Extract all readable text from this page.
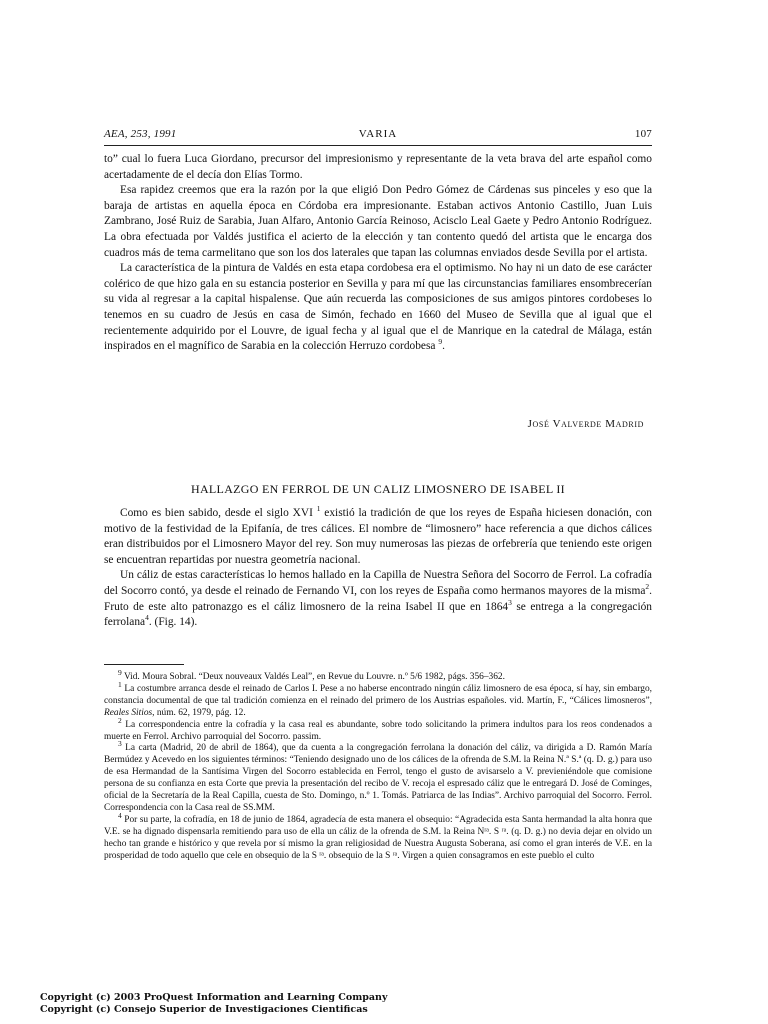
AEA, 253, 1991	VARIA	107

to” cual lo fuera Luca Giordano, precursor del impresionismo y representante de la veta brava del arte español como acertadamente de el decía don Elías Tormo.

Esa rapidez creemos que era la razón por la que eligió Don Pedro Gómez de Cárdenas sus pinceles y eso que la baraja de artistas en aquella época en Córdoba era impresionante. Estaban activos Antonio Castillo, Juan Luis Zambrano, José Ruiz de Sarabia, Juan Alfaro, Antonio García Reinoso, Acisclo Leal Gaete y Pedro Antonio Rodríguez. La obra efectuada por Valdés justifica el acierto de la elección y tan contento quedó del artista que le encarga dos cuadros más de tema carmelitano que son los dos laterales que tapan las columnas enviados desde Sevilla por el artista.

La característica de la pintura de Valdés en esta etapa cordobesa era el optimismo. No hay ni un dato de ese carácter colérico de que hizo gala en su estancia posterior en Sevilla y para mí que las circunstancias familiares ensombrecerían su vida al regresar a la capital hispalense. Que aún recuerda las composiciones de sus amigos pintores cordobeses lo tenemos en su cuadro de Jesús en casa de Simón, fechado en 1660 del Museo de Sevilla que al igual que el recientemente adquirido por el Louvre, de igual fecha y al igual que el de Manrique en la catedral de Málaga, están inspirados en el magnífico de Sarabia en la colección Herruzo cordobesa $^9$.

José Valverde Madrid
HALLAZGO EN FERROL DE UN CALIZ LIMOSNERO DE ISABEL II

Como es bien sabido, desde el siglo XVI $^1$ existió la tradición de que los reyes de España hiciesen donación, con motivo de la festividad de la Epifanía, de tres cálices. El nombre de “limosnero” hace referencia a que dichos cálices eran distribuidos por el Limosnero Mayor del rey. Son muy numerosas las piezas de orfebrería que teniendo este origen se encuentran repartidas por nuestra geometría nacional.

Un cáliz de estas características lo hemos hallado en la Capilla de Nuestra Señora del Socorro de Ferrol. La cofradía del Socorro contó, ya desde el reinado de Fernando VI, con los reyes de España como hermanos mayores de la misma$^2$. Fruto de este alto patronazgo es el cáliz limosnero de la reina Isabel II que en 1864$^3$ se entrega a la congregación ferrolana$^4$. (Fig. 14).

$^9$ Vid. Moura Sobral. “Deux nouveaux Valdés Leal”, en Revue du Louvre. n.º 5/6 1982, págs. 356–362.

$^1$ La costumbre arranca desde el reinado de Carlos I. Pese a no haberse encontrado ningún cáliz limosnero de esa época, sí hay, sin embargo, constancia documental de que tal tradición comienza en el reinado del primero de los Austrias españoles. vid. Martín, F., “Cálices limosneros”, Reales Sitios, núm. 62, 1979, pág. 12.

$^2$ La correspondencia entre la cofradía y la casa real es abundante, sobre todo solicitando la primera indultos para los reos condenados a muerte en Ferrol. Archivo parroquial del Socorro. passim.

$^3$ La carta (Madrid, 20 de abril de 1864), que da cuenta a la congregación ferrolana la donación del cáliz, va dirigida a D. Ramón María Bermúdez y Acevedo en los siguientes términos: “Teniendo designado uno de los cálices de la ofrenda de S.M. la Reina N.ª S.ª (q. D. g.) para uso de esa Hermandad de la Santísima Virgen del Socorro establecida en Ferrol, tengo el gusto de avisarselo a V. previeniéndole que comisione persona de su confianza en esta Corte que previa la presentación del recibo de V. recoja el espresado cáliz que le entregará D. José de Cominges, oficial de la Secretaría de la Real Capilla, cuesta de Sto. Domingo, n.º 1. Tomás. Patriarca de las Indias”. Archivo parroquial del Socorro. Ferrol. Correspondencia con la Casa real de SS.MM.

$^4$ Por su parte, la cofradía, en 18 de junio de 1864, agradecía de esta manera el obsequio: “Agradecida esta Santa hermandad la alta honra que V.E. se ha dignado dispensarla remitiendo para uso de ella un cáliz de la ofrenda de S.M. la Reina Nʳᵃ. S ʳᵃ. (q. D. g.) no devia dejar en olvido un hecho tan grande e histórico y que revela por sí mismo la gran religiosidad de Nuestra Augusta Soberana, así como el gran interés de V.E. en la prosperidad de todo aquello que cele en obsequio de la S ʳᵃ. obsequio de la S ʳᵃ. Virgen a quien consagramos en este pueblo el culto

Copyright (c) 2003 ProQuest Information and Learning Company
Copyright (c) Consejo Superior de Investigaciones Cientificas
